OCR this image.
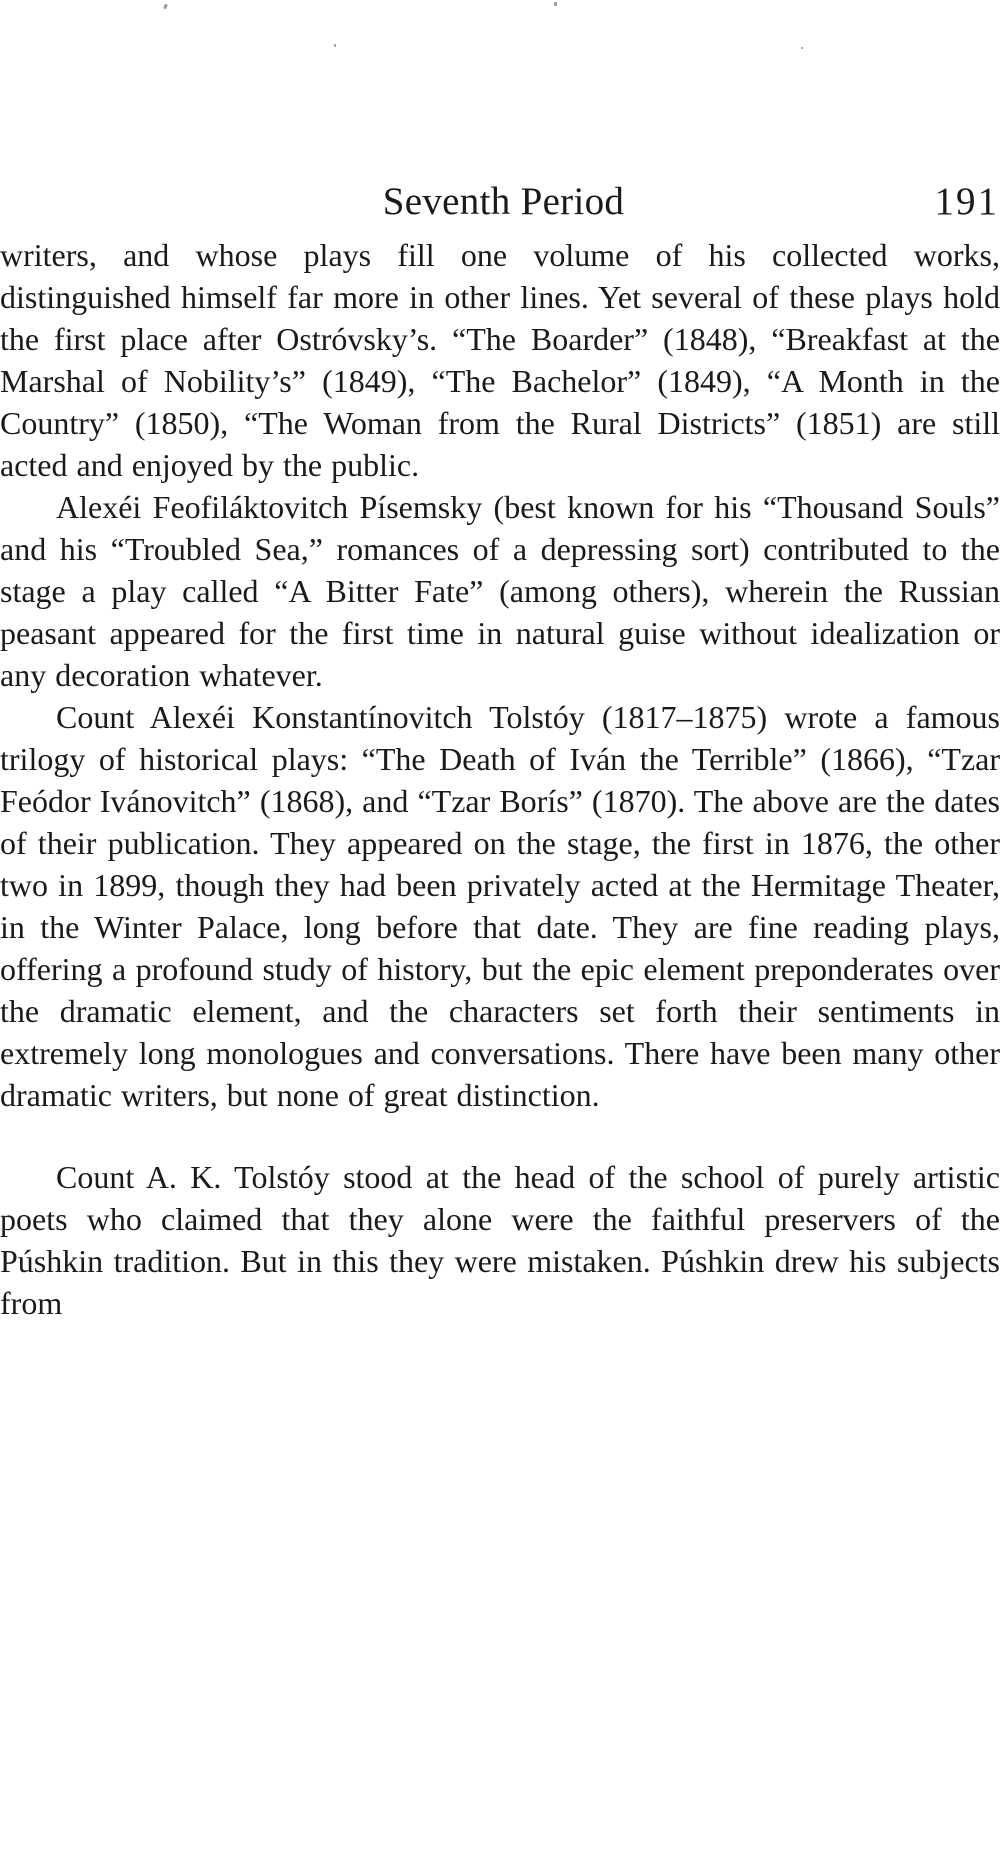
Seventh Period	191

writers, and whose plays fill one volume of his collected works, distinguished himself far more in other lines. Yet several of these plays hold the first place after Ostróvsky’s. “The Boarder” (1848), “Breakfast at the Marshal of Nobility’s” (1849), “The Bachelor” (1849), “A Month in the Country” (1850), “The Woman from the Rural Districts” (1851) are still acted and enjoyed by the public.

Alexéi Feofiláktovitch Písemsky (best known for his “Thousand Souls” and his “Troubled Sea,” romances of a depressing sort) contributed to the stage a play called “A Bitter Fate” (among others), wherein the Russian peasant appeared for the first time in natural guise without idealization or any decoration whatever.

Count Alexéi Konstantínovitch Tolstóy (1817–1875) wrote a famous trilogy of historical plays: “The Death of Iván the Terrible” (1866), “Tzar Feódor Ivánovitch” (1868), and “Tzar Borís” (1870). The above are the dates of their publication. They appeared on the stage, the first in 1876, the other two in 1899, though they had been privately acted at the Hermitage Theater, in the Winter Palace, long before that date. They are fine reading plays, offering a profound study of history, but the epic element preponderates over the dramatic element, and the characters set forth their sentiments in extremely long monologues and conversations. There have been many other dramatic writers, but none of great distinction.

Count A. K. Tolstóy stood at the head of the school of purely artistic poets who claimed that they alone were the faithful preservers of the Púshkin tradition. But in this they were mistaken. Púshkin drew his subjects from
